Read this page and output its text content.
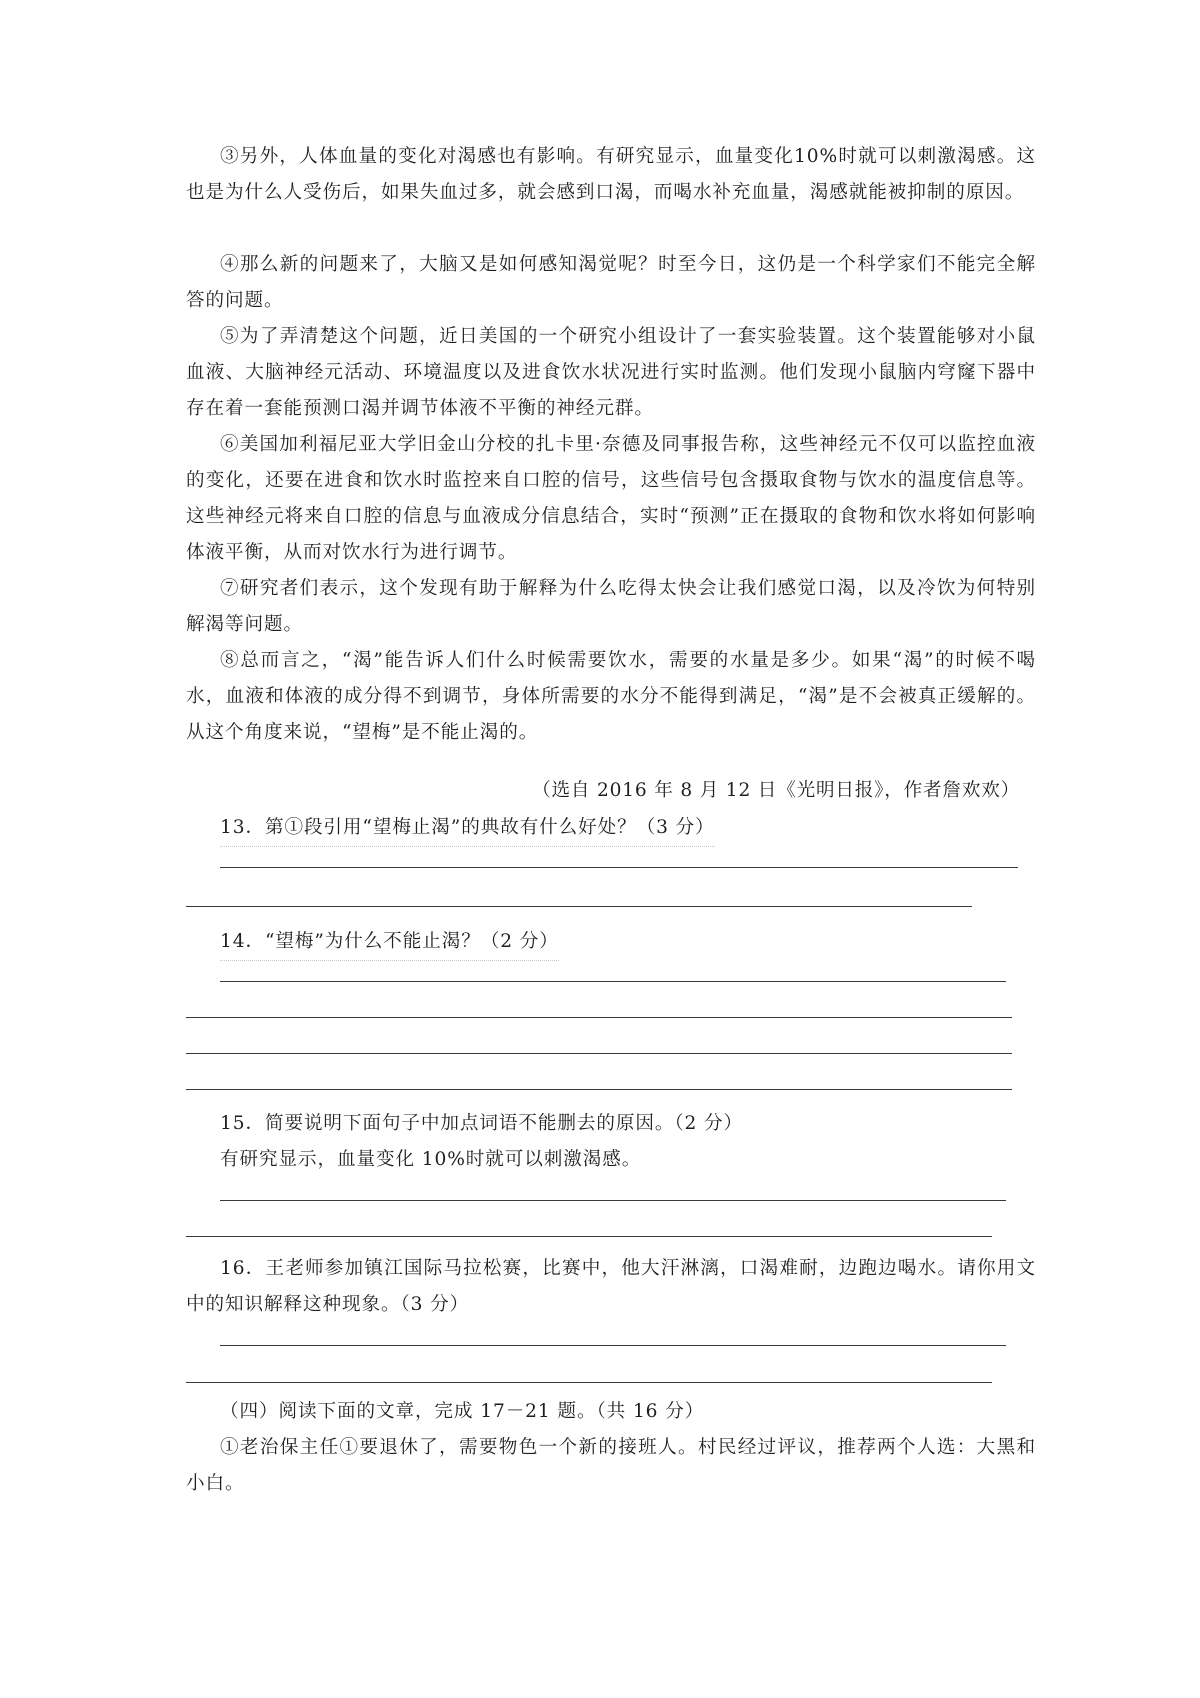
③另外，人体血量的变化对渴感也有影响。有研究显示，血量变化10%时就可以刺激渴感。这也是为什么人受伤后，如果失血过多，就会感到口渴，而喝水补充血量，渴感就能被抑制的原因。

④那么新的问题来了，大脑又是如何感知渴觉呢？时至今日，这仍是一个科学家们不能完全解答的问题。

⑤为了弄清楚这个问题，近日美国的一个研究小组设计了一套实验装置。这个装置能够对小鼠血液、大脑神经元活动、环境温度以及进食饮水状况进行实时监测。他们发现小鼠脑内穹窿下器中存在着一套能预测口渴并调节体液不平衡的神经元群。

⑥美国加利福尼亚大学旧金山分校的扎卡里·奈德及同事报告称，这些神经元不仅可以监控血液的变化，还要在进食和饮水时监控来自口腔的信号，这些信号包含摄取食物与饮水的温度信息等。这些神经元将来自口腔的信息与血液成分信息结合，实时“预测”正在摄取的食物和饮水将如何影响体液平衡，从而对饮水行为进行调节。

⑦研究者们表示，这个发现有助于解释为什么吃得太快会让我们感觉口渴，以及冷饮为何特别解渴等问题。

⑧总而言之，“渴”能告诉人们什么时候需要饮水，需要的水量是多少。如果“渴”的时候不喝水，血液和体液的成分得不到调节，身体所需要的水分不能得到满足，“渴”是不会被真正缓解的。从这个角度来说，“望梅”是不能止渴的。

（选自 2016 年 8 月 12 日《光明日报》，作者詹欢欢）
13．第①段引用“望梅止渴”的典故有什么好处？（3 分）
14．“望梅”为什么不能止渴？（2 分）
15．简要说明下面句子中加点词语不能删去的原因。（2 分）
有研究显示，血量变化 10%时就可以刺激渴感。

16．王老师参加镇江国际马拉松赛，比赛中，他大汗淋漓，口渴难耐，边跑边喝水。请你用文中的知识解释这种现象。（3 分）

（四）阅读下面的文章，完成 17－21 题。（共 16 分）

①老治保主任①要退休了，需要物色一个新的接班人。村民经过评议，推荐两个人选：大黑和小白。
